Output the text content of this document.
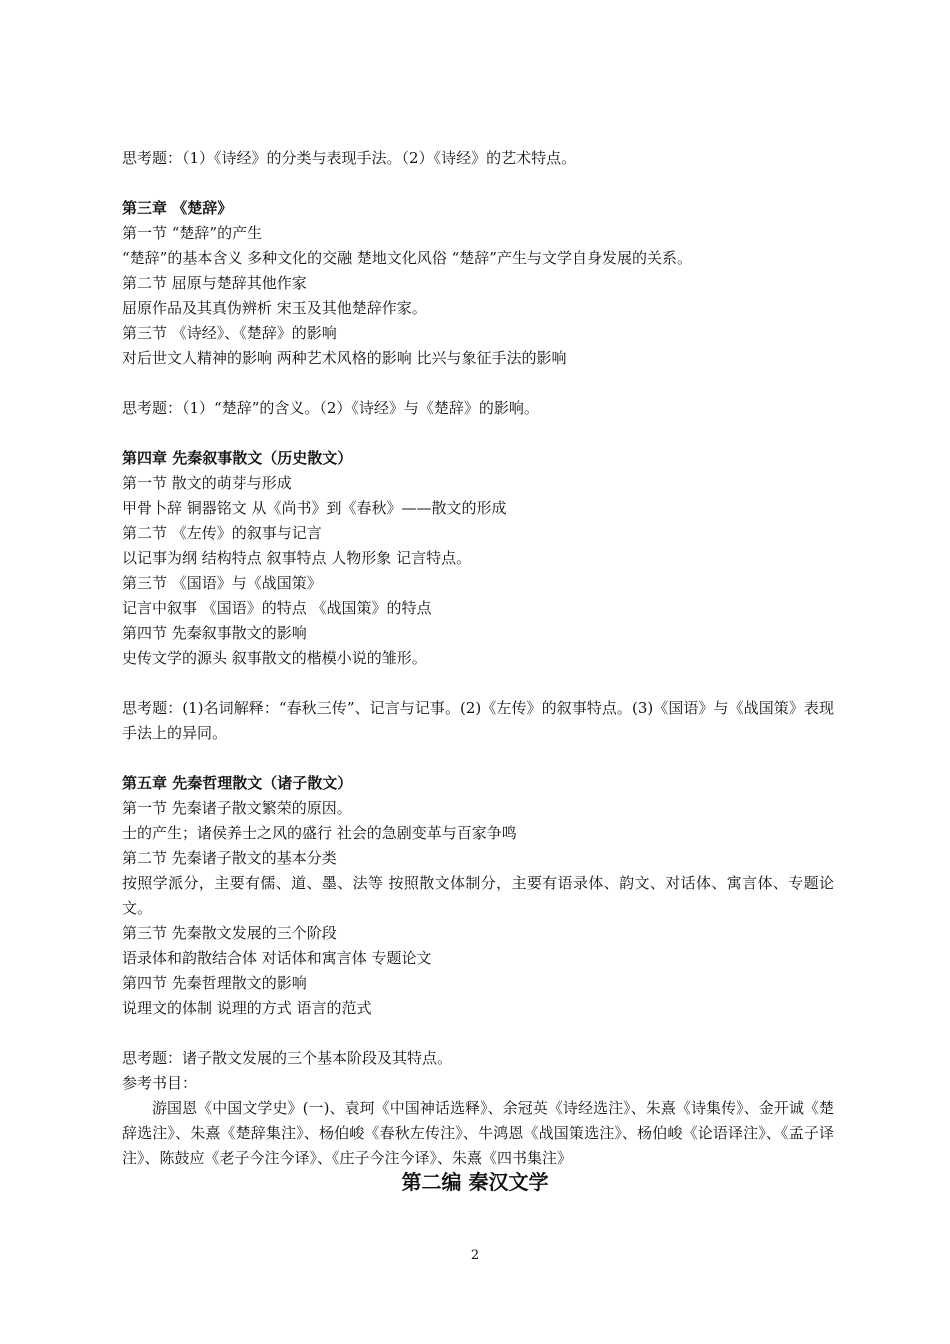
思考题：（1）《诗经》的分类与表现手法。（2）《诗经》的艺术特点。
第三章 《楚辞》
第一节 “楚辞”的产生
“楚辞”的基本含义 多种文化的交融 楚地文化风俗 “楚辞”产生与文学自身发展的关系。
第二节 屈原与楚辞其他作家
屈原作品及其真伪辨析 宋玉及其他楚辞作家。
第三节 《诗经》、《楚辞》的影响
对后世文人精神的影响 两种艺术风格的影响 比兴与象征手法的影响
思考题：（1）“楚辞”的含义。（2）《诗经》与《楚辞》的影响。
第四章 先秦叙事散文（历史散文）
第一节 散文的萌芽与形成
甲骨卜辞 铜器铭文 从《尚书》到《春秋》——散文的形成
第二节 《左传》的叙事与记言
以记事为纲 结构特点 叙事特点 人物形象 记言特点。
第三节 《国语》与《战国策》
记言中叙事 《国语》的特点 《战国策》的特点
第四节 先秦叙事散文的影响
史传文学的源头 叙事散文的楷模小说的雏形。
思考题：(1)名词解释：“春秋三传”、记言与记事。(2)《左传》的叙事特点。(3)《国语》与《战国策》表现手法上的异同。
第五章 先秦哲理散文（诸子散文）
第一节 先秦诸子散文繁荣的原因。
士的产生；诸侯养士之风的盛行 社会的急剧变革与百家争鸣
第二节 先秦诸子散文的基本分类
按照学派分，主要有儒、道、墨、法等 按照散文体制分，主要有语录体、韵文、对话体、寓言体、专题论文。
第三节 先秦散文发展的三个阶段
语录体和韵散结合体 对话体和寓言体 专题论文
第四节 先秦哲理散文的影响
说理文的体制 说理的方式 语言的范式
思考题：诸子散文发展的三个基本阶段及其特点。
参考书目：
游国恩《中国文学史》(一)、袁珂《中国神话选释》、余冠英《诗经选注》、朱熹《诗集传》、金开诚《楚辞选注》、朱熹《楚辞集注》、杨伯峻《春秋左传注》、牛鸿恩《战国策选注》、杨伯峻《论语译注》、《孟子译注》、陈鼓应《老子今注今译》、《庄子今注今译》、朱熹《四书集注》
第二编 秦汉文学
2
